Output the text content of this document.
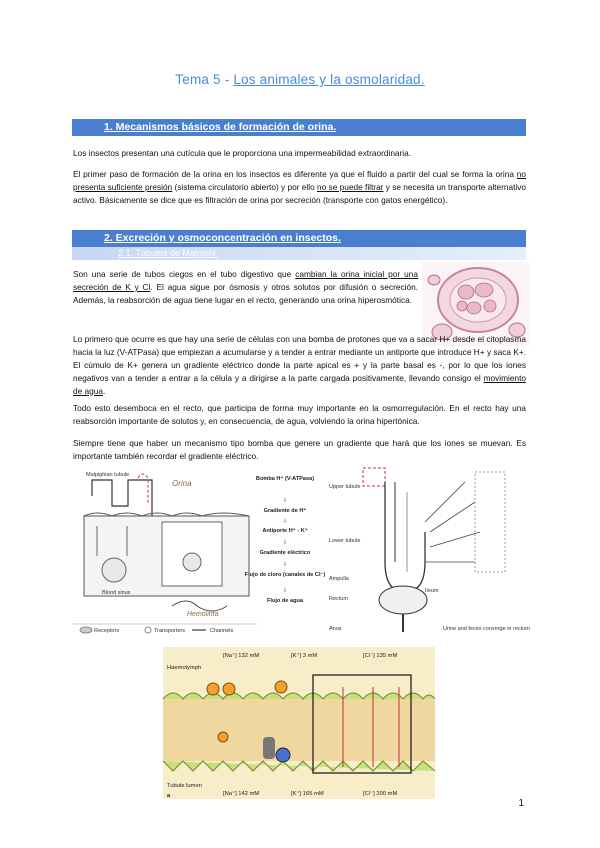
Tema 5 - Los animales y la osmolaridad.
1. Mecanismos básicos de formación de orina.
Los insectos presentan una cutícula que le proporciona una impermeabilidad extraordinaria.
El primer paso de formación de la orina en los insectos es diferente ya que el fluido a partir del cual se forma la orina no presenta suficiente presión (sistema circulatorio abierto) y por ello no se puede filtrar y se necesita un transporte alternativo activo. Básicamente se dice que es filtración de orina por secreción (transporte con gatos energético).
2. Excreción y osmoconcentración en insectos.
2.1. Túbulos de Malpighi.
Son una serie de tubos ciegos en el tubo digestivo que cambian la orina inicial por una secreción de K y Cl. El agua sigue por ósmosis y otros solutos por difusión o secreción. Además, la reabsorción de agua tiene lugar en el recto, generando una orina hiperosmótica.
Lo primero que ocurre es que hay una serie de células con una bomba de protones que va a sacar H+ desde el citoplasma hacia la luz (V-ATPasa) que empiezan a acumularse y a tender a entrar mediante un antiporte que introduce H+ y saca K+. El cúmulo de K+ genera un gradiente eléctrico donde la parte apical es + y la parte basal es -, por lo que los iones negativos van a tender a entrar a la célula y a dirigirse a la parte cargada positivamente, llevando consigo el movimiento de agua.
Todo esto desemboca en el recto, que participa de forma muy importante en la osmorregulación. En el recto hay una reabsorción importante de solutos y, en consecuencia, de agua, volviendo la orina hipertónica.
Siempre tiene que haber un mecanismo tipo bomba que genere un gradiente que hará que los iones se muevan. Es importante también recordar el gradiente eléctrico.
Malpighian tubule
Orina
Hemolinfa
Blood sinus
Receptors	Transporters	Channels
Bomba H⁺ (V-ATPasa)
Gradiente de H⁺
Antiporte H⁺ - K⁺
Gradiente eléctrico
Flujo de cloro (canales de Cl⁻)
Flujo de agua
⇩
⇩
⇩
⇩
⇩
Upper tubule
Lower tubule
Ampulla
Rectum
Anus
Ileum
Urine and feces converge in rectum
[Na⁺] 132 mM	[K⁺] 3 mM	[Cl⁻] 135 mM
[Na⁺] 142 mM	[K⁺] 165 mM	[Cl⁻] 200 mM
Haemolymph
Tubule lumen
a
1
